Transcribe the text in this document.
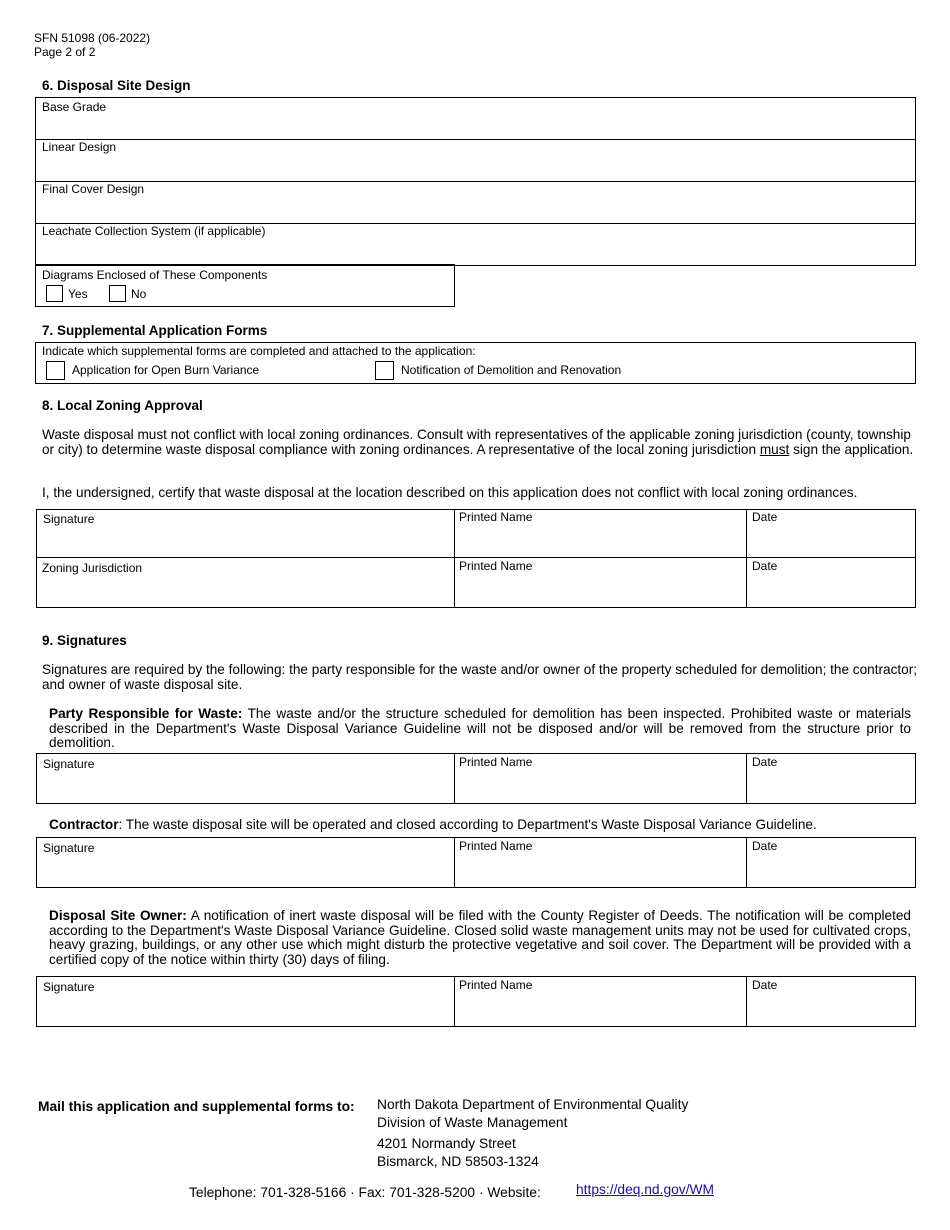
SFN 51098 (06-2022)
Page 2 of 2
6. Disposal Site Design
Base Grade
Linear Design
Final Cover Design
Leachate Collection System (if applicable)
Diagrams Enclosed of These Components
Yes	No
7. Supplemental Application Forms
Indicate which supplemental forms are completed and attached to the application:
Application for Open Burn Variance	Notification of Demolition and Renovation
8. Local Zoning Approval
Waste disposal must not conflict with local zoning ordinances. Consult with representatives of the applicable zoning jurisdiction (county, township or city) to determine waste disposal compliance with zoning ordinances. A representative of the local zoning jurisdiction must sign the application.
I, the undersigned, certify that waste disposal at the location described on this application does not conflict with local zoning ordinances.
Signature	Printed Name	Date
Zoning Jurisdiction	Printed Name	Date
9. Signatures
Signatures are required by the following: the party responsible for the waste and/or owner of the property scheduled for demolition; the contractor; and owner of waste disposal site.
Party Responsible for Waste: The waste and/or the structure scheduled for demolition has been inspected. Prohibited waste or materials described in the Department's Waste Disposal Variance Guideline will not be disposed and/or will be removed from the structure prior to demolition.
Signature	Printed Name	Date
Contractor: The waste disposal site will be operated and closed according to Department's Waste Disposal Variance Guideline.
Signature	Printed Name	Date
Disposal Site Owner: A notification of inert waste disposal will be filed with the County Register of Deeds. The notification will be completed according to the Department's Waste Disposal Variance Guideline. Closed solid waste management units may not be used for cultivated crops, heavy grazing, buildings, or any other use which might disturb the protective vegetative and soil cover. The Department will be provided with a certified copy of the notice within thirty (30) days of filing.
Signature	Printed Name	Date
Mail this application and supplemental forms to: North Dakota Department of Environmental Quality
Division of Waste Management
4201 Normandy Street
Bismarck, ND 58503-1324
Telephone: 701-328-5166 · Fax: 701-328-5200 · Website:	https://deq.nd.gov/WM
